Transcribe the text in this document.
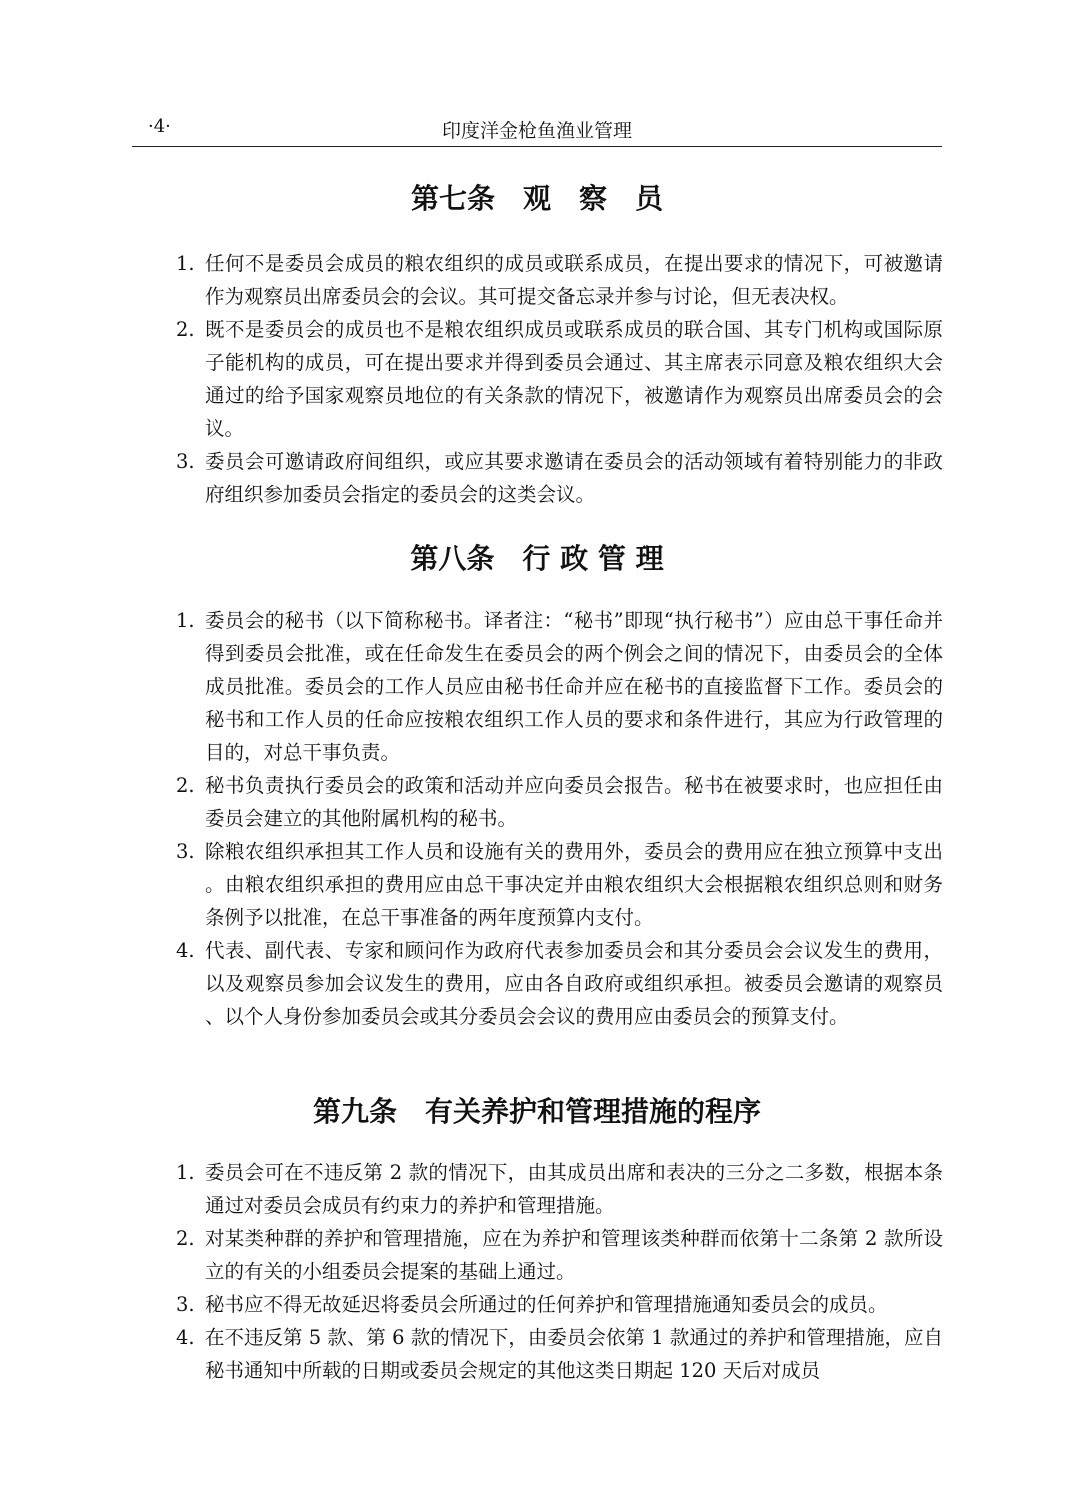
·4·	印度洋金枪鱼渔业管理
第七条　观　察　员
1. 任何不是委员会成员的粮农组织的成员或联系成员，在提出要求的情况下，可被邀请作为观察员出席委员会的会议。其可提交备忘录并参与讨论，但无表决权。
2. 既不是委员会的成员也不是粮农组织成员或联系成员的联合国、其专门机构或国际原子能机构的成员，可在提出要求并得到委员会通过、其主席表示同意及粮农组织大会通过的给予国家观察员地位的有关条款的情况下，被邀请作为观察员出席委员会的会议。
3. 委员会可邀请政府间组织，或应其要求邀请在委员会的活动领域有着特别能力的非政府组织参加委员会指定的委员会的这类会议。
第八条　行 政 管 理
1. 委员会的秘书（以下简称秘书。译者注：“秘书”即现“执行秘书”）应由总干事任命并得到委员会批准，或在任命发生在委员会的两个例会之间的情况下，由委员会的全体成员批准。委员会的工作人员应由秘书任命并应在秘书的直接监督下工作。委员会的秘书和工作人员的任命应按粮农组织工作人员的要求和条件进行，其应为行政管理的目的，对总干事负责。
2. 秘书负责执行委员会的政策和活动并应向委员会报告。秘书在被要求时，也应担任由委员会建立的其他附属机构的秘书。
3. 除粮农组织承担其工作人员和设施有关的费用外，委员会的费用应在独立预算中支出。由粮农组织承担的费用应由总干事决定并由粮农组织大会根据粮农组织总则和财务条例予以批准，在总干事准备的两年度预算内支付。
4. 代表、副代表、专家和顾问作为政府代表参加委员会和其分委员会会议发生的费用，以及观察员参加会议发生的费用，应由各自政府或组织承担。被委员会邀请的观察员、以个人身份参加委员会或其分委员会会议的费用应由委员会的预算支付。
第九条　有关养护和管理措施的程序
1. 委员会可在不违反第 2 款的情况下，由其成员出席和表决的三分之二多数，根据本条通过对委员会成员有约束力的养护和管理措施。
2. 对某类种群的养护和管理措施，应在为养护和管理该类种群而依第十二条第 2 款所设立的有关的小组委员会提案的基础上通过。
3. 秘书应不得无故延迟将委员会所通过的任何养护和管理措施通知委员会的成员。
4. 在不违反第 5 款、第 6 款的情况下，由委员会依第 1 款通过的养护和管理措施，应自秘书通知中所载的日期或委员会规定的其他这类日期起 120 天后对成员
